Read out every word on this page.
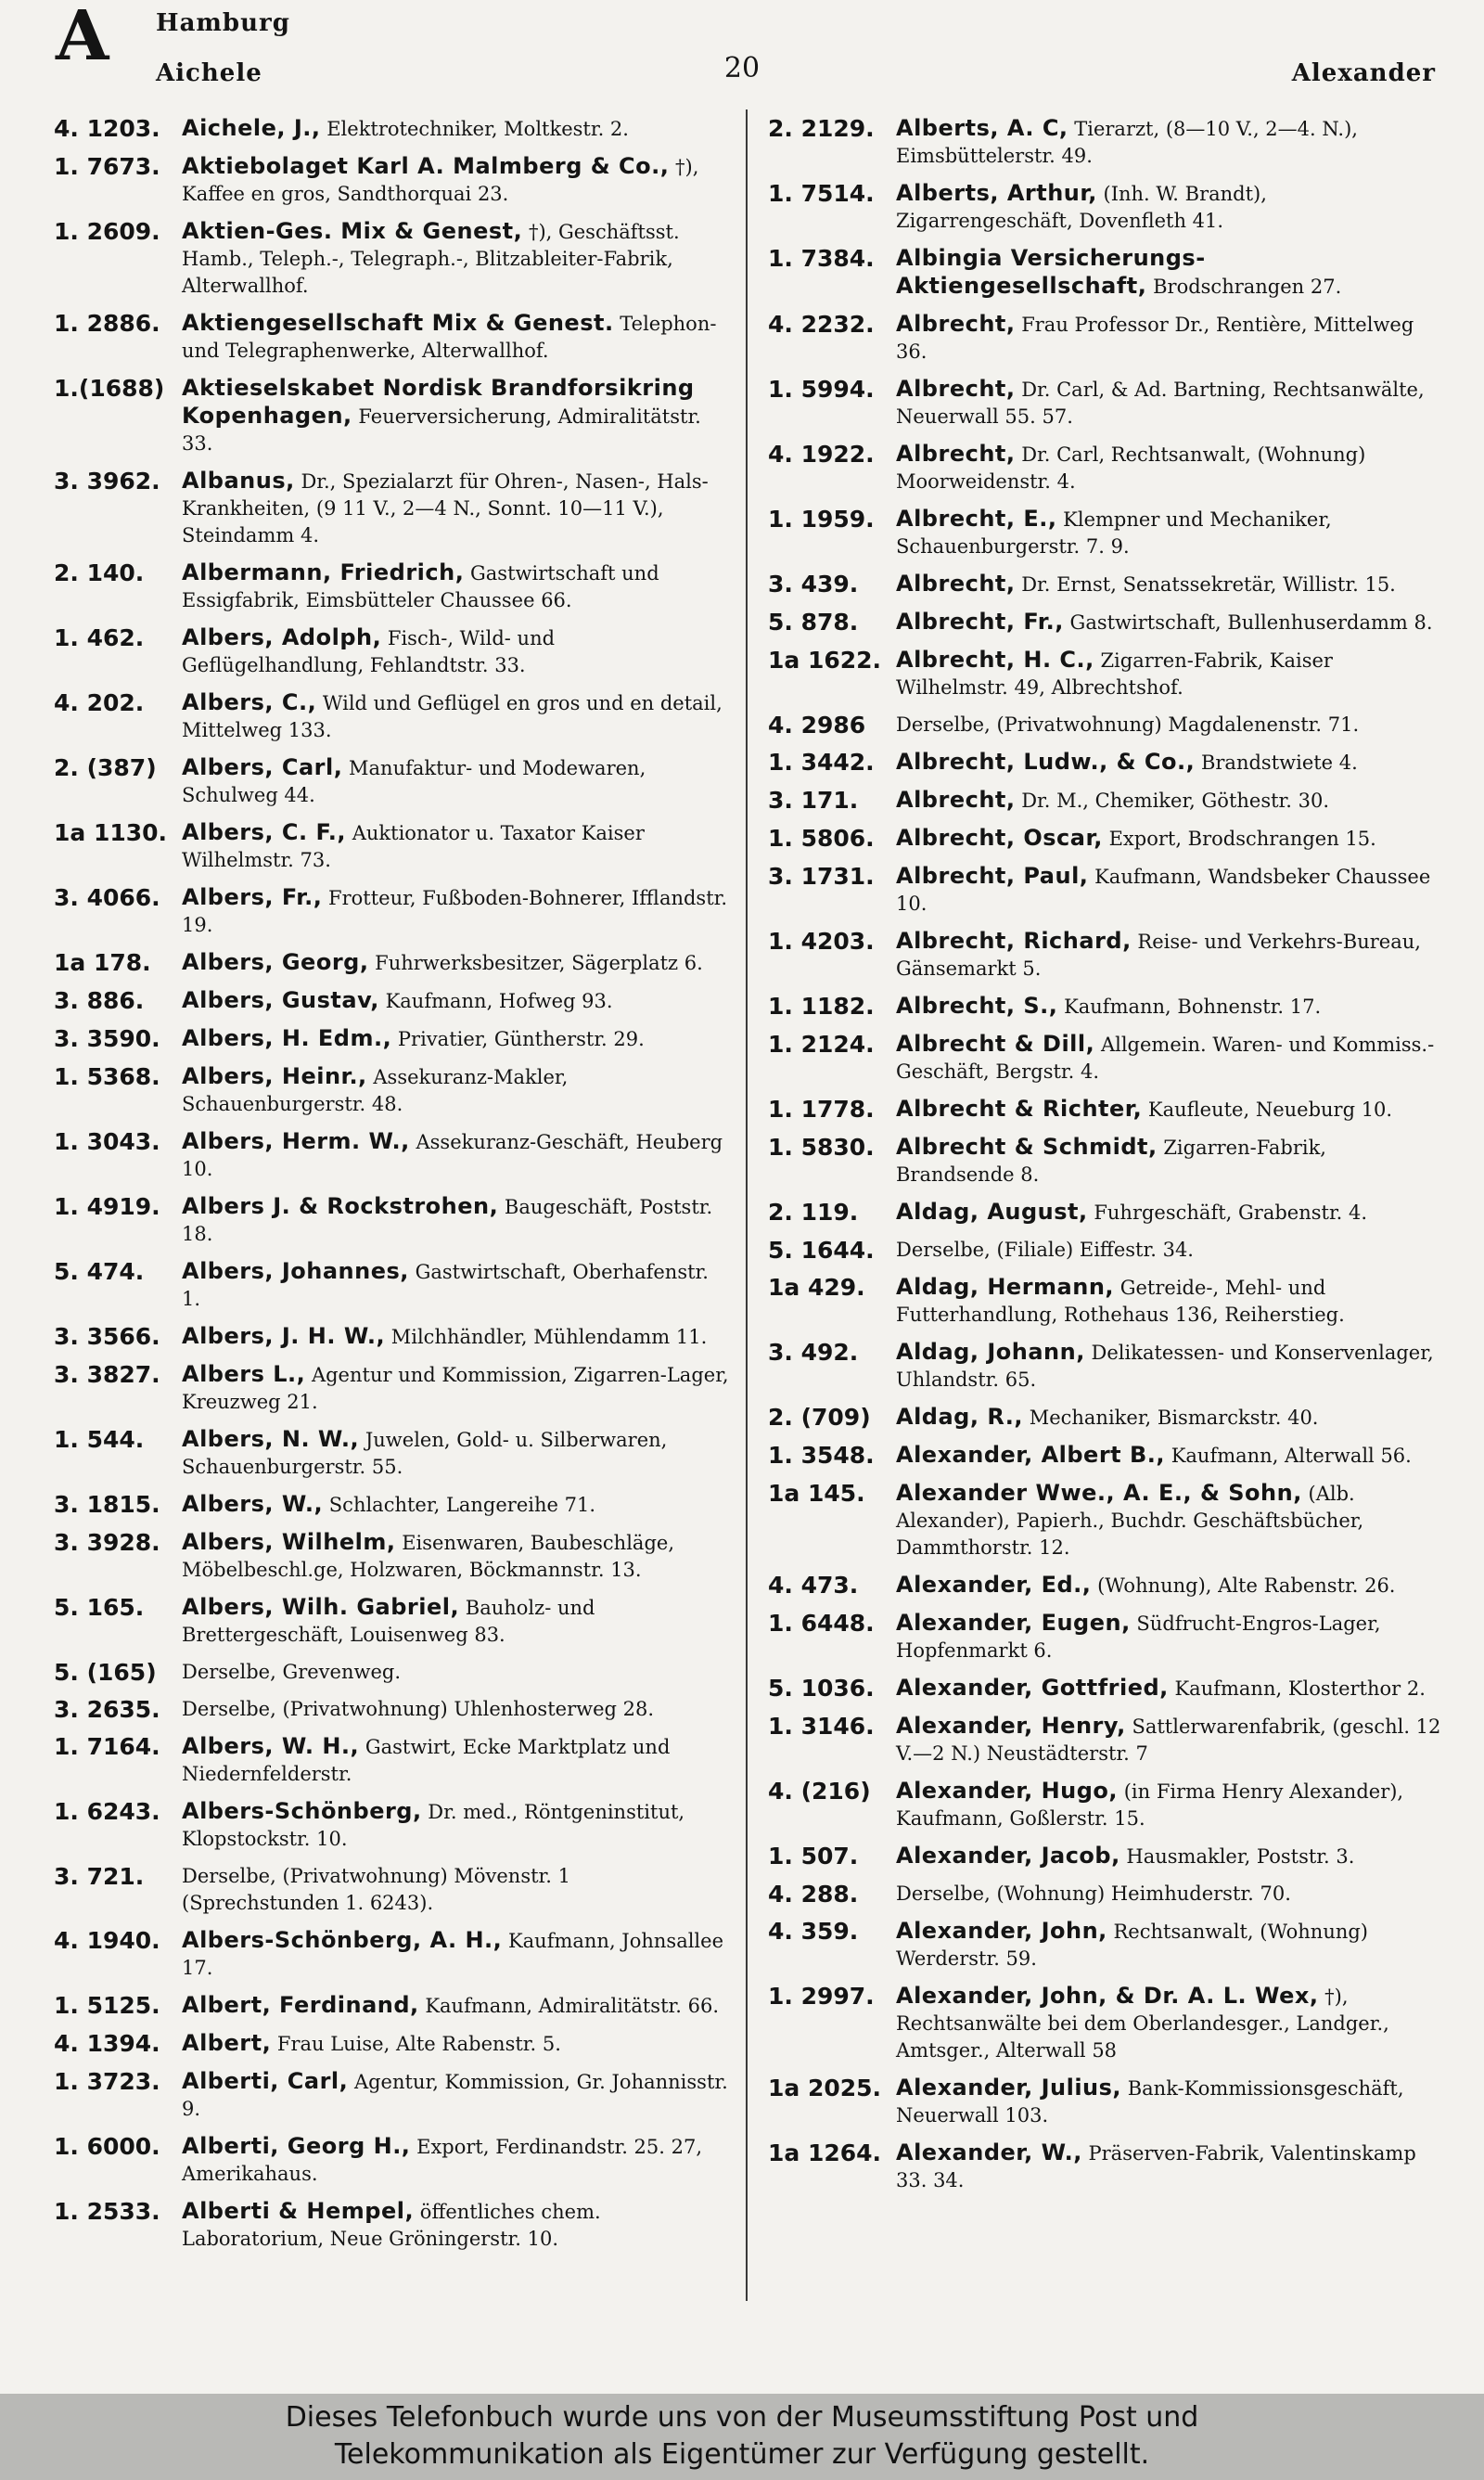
A Hamburg
Aichele	20	Alexander
4. 1203. Aichele, J., Elektrotechniker, Moltkestr. 2.
1. 7673. Aktiebolaget Karl A. Malmberg & Co., †), Kaffee en gros, Sandthorquai 23.
1. 2609. Aktien-Ges. Mix & Genest, †), Geschäftsst. Hamb., Teleph.-, Telegraph.-, Blitzableiter-Fabrik, Alterwallhof.
1. 2886. Aktiengesellschaft Mix & Genest. Telephon- und Telegraphenwerke, Alterwallhof.
1.(1688) Aktieselskabet Nordisk Brandforsikring Kopenhagen, Feuerversicherung, Admiralitätstr. 33.
3. 3962. Albanus, Dr., Spezialarzt für Ohren-, Nasen-, Hals-Krankheiten, (9 11 V., 2—4 N., Sonnt. 10—11 V.), Steindamm 4.
2. 140.	Albermann, Friedrich, Gastwirtschaft und Essigfabrik, Eimsbütteler Chaussee 66.
1. 462.	Albers, Adolph, Fisch-, Wild- und Geflügelhandlung, Fehlandtstr. 33.
4. 202.	Albers, C., Wild und Geflügel en gros und en detail, Mittelweg 133.
2. (387)	Albers, Carl, Manufaktur- und Modewaren, Schulweg 44.
1a 1130. Albers, C. F., Auktionator u. Taxator Kaiser Wilhelmstr. 73.
3. 4066. Albers, Fr., Frotteur, Fußboden-Bohnerer, Ifflandstr. 19.
1a 178.	Albers, Georg, Fuhrwerksbesitzer, Sägerplatz 6.
3. 886.	Albers, Gustav, Kaufmann, Hofweg 93.
3. 3590. Albers, H. Edm., Privatier, Güntherstr. 29.
1. 5368. Albers, Heinr., Assekuranz-Makler, Schauenburgerstr. 48.
1. 3043. Albers, Herm. W., Assekuranz-Geschäft, Heuberg 10.
1. 4919. Albers J. & Rockstrohen, Baugeschäft, Poststr. 18.
5. 474.	Albers, Johannes, Gastwirtschaft, Oberhafenstr. 1.
3. 3566. Albers, J. H. W., Milchhändler, Mühlendamm 11.
3. 3827. Albers L., Agentur und Kommission, Zigarren-Lager, Kreuzweg 21.
1. 544.	Albers, N. W., Juwelen, Gold- u. Silberwaren, Schauenburgerstr. 55.
3. 1815. Albers, W., Schlachter, Langereihe 71.
3. 3928. Albers, Wilhelm, Eisenwaren, Baubeschläge, Möbelbeschl.ge, Holzwaren, Böckmannstr. 13.
5. 165.	Albers, Wilh. Gabriel, Bauholz- und Brettergeschäft, Louisenweg 83.
5. (165)	Derselbe, Grevenweg.
3. 2635.	Derselbe, (Privatwohnung) Uhlenhosterweg 28.
1. 7164. Albers, W. H., Gastwirt, Ecke Marktplatz und Niedernfelderstr.
1. 6243. Albers-Schönberg, Dr. med., Röntgeninstitut, Klopstockstr. 10.
3. 721.	Derselbe, (Privatwohnung) Mövenstr. 1 (Sprechstunden 1. 6243).
4. 1940. Albers-Schönberg, A. H., Kaufmann, Johnsallee 17.
1. 5125. Albert, Ferdinand, Kaufmann, Admiralitätstr. 66.
4. 1394. Albert, Frau Luise, Alte Rabenstr. 5.
1. 3723. Alberti, Carl, Agentur, Kommission, Gr. Johannisstr. 9.
1. 6000. Alberti, Georg H., Export, Ferdinandstr. 25. 27, Amerikahaus.
1. 2533. Alberti & Hempel, öffentliches chem. Laboratorium, Neue Gröningerstr. 10.
2. 2129. Alberts, A. C, Tierarzt, (8—10 V., 2—4. N.), Eimsbüttelerstr. 49.
1. 7514. Alberts, Arthur, (Inh. W. Brandt), Zigarrengeschäft, Dovenfleth 41.
1. 7384. Albingia Versicherungs-Aktiengesellschaft, Brodschrangen 27.
4. 2232. Albrecht, Frau Professor Dr., Rentière, Mittelweg 36.
1. 5994. Albrecht, Dr. Carl, & Ad. Bartning, Rechtsanwälte, Neuerwall 55. 57.
4. 1922. Albrecht, Dr. Carl, Rechtsanwalt, (Wohnung) Moorweidenstr. 4.
1. 1959. Albrecht, E., Klempner und Mechaniker, Schauenburgerstr. 7. 9.
3. 439.	Albrecht, Dr. Ernst, Senatssekretär, Willistr. 15.
5. 878.	Albrecht, Fr., Gastwirtschaft, Bullenhuserdamm 8.
1a 1622. Albrecht, H. C., Zigarren-Fabrik, Kaiser Wilhelmstr. 49, Albrechtshof.
4. 2986	Derselbe, (Privatwohnung) Magdalenenstr. 71.
1. 3442. Albrecht, Ludw., & Co., Brandstwiete 4.
3. 171.	Albrecht, Dr. M., Chemiker, Göthestr. 30.
1. 5806. Albrecht, Oscar, Export, Brodschrangen 15.
3. 1731. Albrecht, Paul, Kaufmann, Wandsbeker Chaussee 10.
1. 4203. Albrecht, Richard, Reise- und Verkehrs-Bureau, Gänsemarkt 5.
1. 1182. Albrecht, S., Kaufmann, Bohnenstr. 17.
1. 2124. Albrecht & Dill, Allgemein. Waren- und Kommiss.-Geschäft, Bergstr. 4.
1. 1778. Albrecht & Richter, Kaufleute, Neueburg 10.
1. 5830. Albrecht & Schmidt, Zigarren-Fabrik, Brandsende 8.
2. 119.	Aldag, August, Fuhrgeschäft, Grabenstr. 4.
5. 1644.	Derselbe, (Filiale) Eiffestr. 34.
1a 429.	Aldag, Hermann, Getreide-, Mehl- und Futterhandlung, Rothehaus 136, Reiherstieg.
3. 492.	Aldag, Johann, Delikatessen- und Konservenlager, Uhlandstr. 65.
2. (709)	Aldag, R., Mechaniker, Bismarckstr. 40.
1. 3548. Alexander, Albert B., Kaufmann, Alterwall 56.
1a 145.	Alexander Wwe., A. E., & Sohn, (Alb. Alexander), Papierh., Buchdr. Geschäftsbücher, Dammthorstr. 12.
4. 473.	Alexander, Ed., (Wohnung), Alte Rabenstr. 26.
1. 6448. Alexander, Eugen, Südfrucht-Engros-Lager, Hopfenmarkt 6.
5. 1036. Alexander, Gottfried, Kaufmann, Klosterthor 2.
1. 3146. Alexander, Henry, Sattlerwarenfabrik, (geschl. 12 V.—2 N.) Neustädterstr. 7
4. (216)	Alexander, Hugo, (in Firma Henry Alexander), Kaufmann, Goßlerstr. 15.
1. 507.	Alexander, Jacob, Hausmakler, Poststr. 3.
4. 288.	Derselbe, (Wohnung) Heimhuderstr. 70.
4. 359.	Alexander, John, Rechtsanwalt, (Wohnung) Werderstr. 59.
1. 2997. Alexander, John, & Dr. A. L. Wex, †), Rechtsanwälte bei dem Oberlandesger., Landger., Amtsger., Alterwall 58
1a 2025. Alexander, Julius, Bank-Kommissionsgeschäft, Neuerwall 103.
1a 1264. Alexander, W., Präserven-Fabrik, Valentinskamp 33. 34.
Dieses Telefonbuch wurde uns von der Museumsstiftung Post und
Telekommunikation als Eigentümer zur Verfügung gestellt.
